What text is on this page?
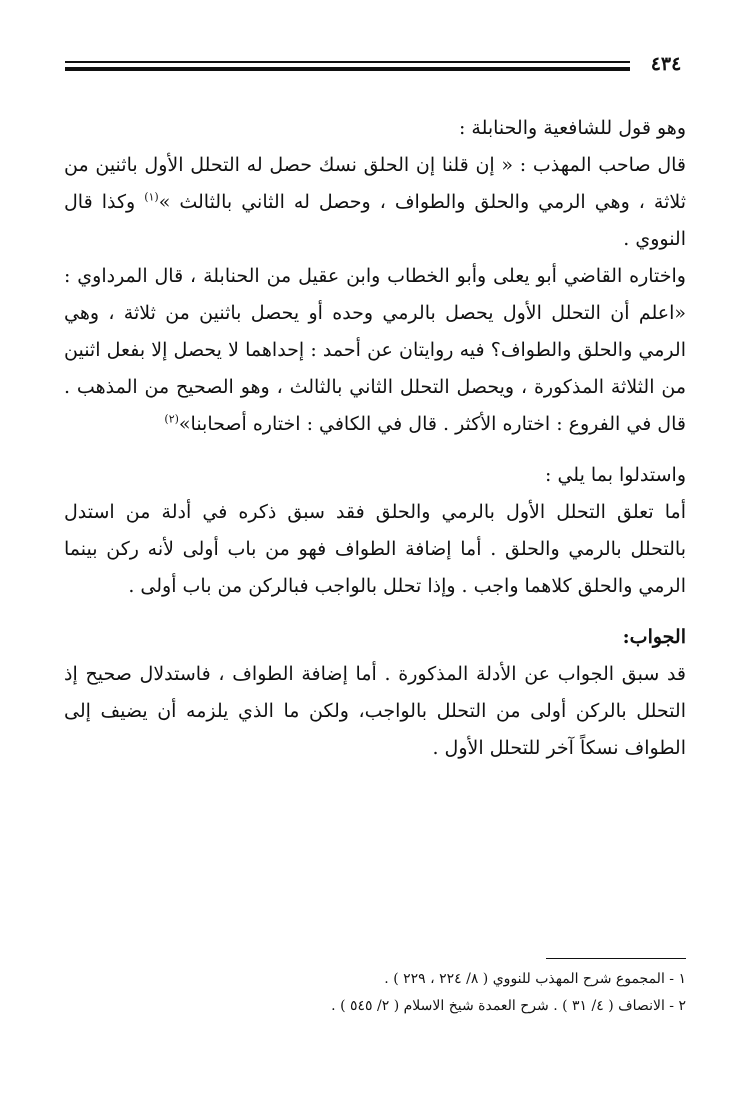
٤٣٤

وهو قول للشافعية والحنابلة :

قال صاحب المهذب : « إن قلنا إن الحلق نسك حصل له التحلل الأول باثنين من ثلاثة ، وهي الرمي والحلق والطواف ، وحصل له الثاني بالثالث »$^{(١)}$ وكذا قال النووي .

واختاره القاضي أبو يعلى وأبو الخطاب وابن عقيل من الحنابلة ، قال المرداوي : «اعلم أن التحلل الأول يحصل بالرمي وحده أو يحصل باثنين من ثلاثة ، وهي الرمي والحلق والطواف؟ فيه روايتان عن أحمد : إحداهما لا يحصل إلا بفعل اثنين من الثلاثة المذكورة ، ويحصل التحلل الثاني بالثالث ، وهو الصحيح من المذهب . قال في الفروع : اختاره الأكثر . قال في الكافي : اختاره أصحابنا»$^{(٢)}$

واستدلوا بما يلي :

أما تعلق التحلل الأول بالرمي والحلق فقد سبق ذكره في أدلة من استدل بالتحلل بالرمي والحلق . أما إضافة الطواف فهو من باب أولى لأنه ركن بينما الرمي والحلق كلاهما واجب . وإذا تحلل بالواجب فبالركن من باب أولى .

الجواب:

قد سبق الجواب عن الأدلة المذكورة . أما إضافة الطواف ، فاستدلال صحيح إذ التحلل بالركن أولى من التحلل بالواجب، ولكن ما الذي يلزمه أن يضيف إلى الطواف نسكاً آخر للتحلل الأول .

١ - المجموع شرح المهذب للنووي ( ٨/ ٢٢٤ ، ٢٢٩ ) .

٢ - الانصاف ( ٤/ ٣١ ) . شرح العمدة شيخ الاسلام ( ٢/ ٥٤٥ ) .
